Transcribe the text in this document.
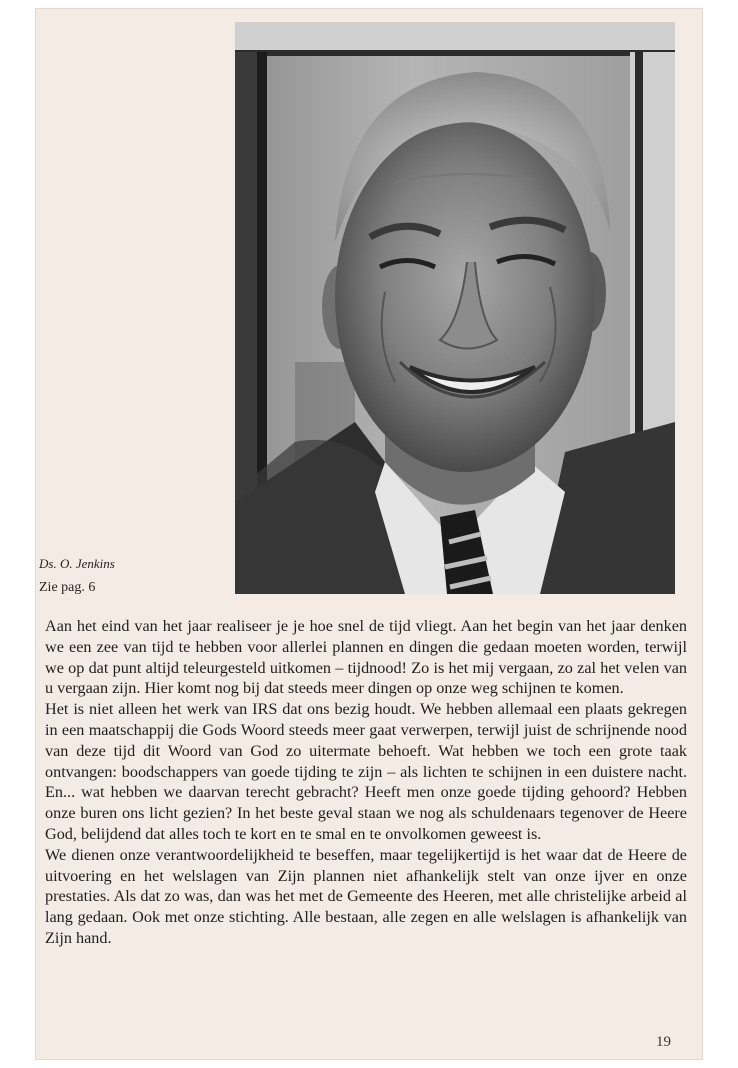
Ds. O. Jenkins
Zie pag. 6

Aan het eind van het jaar realiseer je je hoe snel de tijd vliegt. Aan het begin van het jaar denken we een zee van tijd te hebben voor allerlei plannen en dingen die gedaan moeten worden, terwijl we op dat punt altijd teleurgesteld uitkomen – tijdnood! Zo is het mij vergaan, zo zal het velen van u vergaan zijn. Hier komt nog bij dat steeds meer dingen op onze weg schijnen te komen.

Het is niet alleen het werk van IRS dat ons bezig houdt. We hebben allemaal een plaats gekregen in een maatschappij die Gods Woord steeds meer gaat verwerpen, terwijl juist de schrijnende nood van deze tijd dit Woord van God zo uitermate behoeft. Wat hebben we toch een grote taak ontvangen: boodschappers van goede tijding te zijn – als lichten te schijnen in een duistere nacht. En... wat hebben we daarvan terecht gebracht? Heeft men onze goede tijding gehoord? Hebben onze buren ons licht gezien? In het beste geval staan we nog als schuldenaars tegenover de Heere God, belijdend dat alles toch te kort en te smal en te onvolkomen geweest is.

We dienen onze verantwoordelijkheid te beseffen, maar tegelijkertijd is het waar dat de Heere de uitvoering en het welslagen van Zijn plannen niet afhankelijk stelt van onze ijver en onze prestaties. Als dat zo was, dan was het met de Gemeente des Heeren, met alle christelijke arbeid al lang gedaan. Ook met onze stichting. Alle bestaan, alle zegen en alle welslagen is afhankelijk van Zijn hand.

19
